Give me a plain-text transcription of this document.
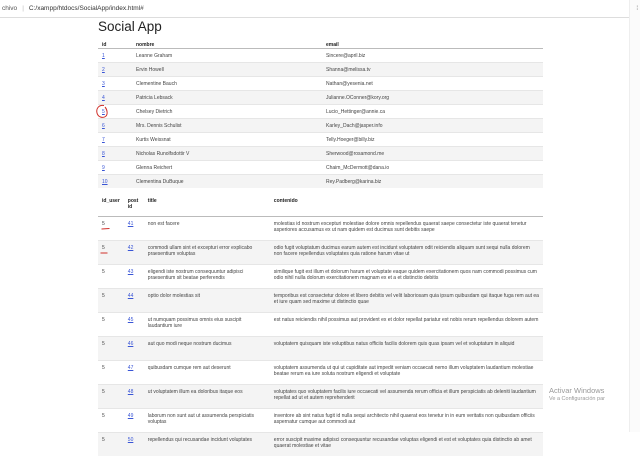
chivo | C:/xampp/htdocs/SocialApp/index.html#	⁞
Social App
id	nombre	email
1	Leanne Graham	Sincere@april.biz
2	Ervin Howell	Shanna@melissa.tv
3	Clementine Bauch	Nathan@yesenia.net
4	Patricia Lebsack	Julianne.OConner@kory.org
5	Chelsey Dietrich	Lucio_Hettinger@annie.ca
6	Mrs. Dennis Schulist	Karley_Dach@jasper.info
7	Kurtis Weissnat	Telly.Hoeger@billy.biz
8	Nicholas Runolfsdottir V	Sherwood@rosamond.me
9	Glenna Reichert	Chaim_McDermott@dana.io
10	Clementina DuBuque	Rey.Padberg@karina.biz
id_user	post id	title	contenido
5	41	non est facere	molestias id nostrum excepturi molestiae dolore omnis repellendus quaerat saepe consectetur iste quaerat tenetur asperiores accusamus ex ut nam quidem est ducimus sunt debitis saepe
5	42	commodi ullam sint et excepturi error explicabo praesentium voluptas	odio fugit voluptatum ducimus earum autem est incidunt voluptatem odit reiciendis aliquam sunt sequi nulla dolorem non facere repellendus voluptates quia ratione harum vitae ut
5	43	eligendi iste nostrum consequuntur adipisci praesentium sit beatae perferendis	similique fugit est illum et dolorum harum et voluptate eaque quidem exercitationem quos nam commodi possimus cum odio nihil nulla dolorum exercitationem magnam ex et a et distinctio debitis
5	44	optio dolor molestias sit	temporibus est consectetur dolore et libero debitis vel velit laboriosam quia ipsum quibusdam qui itaque fuga rem aut ea et iure quam sed maxime ut distinctio quae
5	45	ut numquam possimus omnis eius suscipit laudantium iure	est natus reiciendis nihil possimus aut provident ex et dolor repellat pariatur est nobis rerum repellendus dolorem autem
5	46	aut quo modi neque nostrum ducimus	voluptatem quisquam iste voluptibus natus officiis facilis dolorem quis quas ipsam vel et voluptatum in aliquid
5	47	quibusdam cumque rem aut deserunt	voluptatem assumenda ut qui ut cupiditate aut impedit veniam occaecati nemo illum voluptatem laudantium molestiae beatae rerum ea iure soluta nostrum eligendi et voluptate
5	48	ut voluptatem illum ea doloribus itaque eos	voluptates quo voluptatem facilis iure occaecati vel assumenda rerum officia et illum perspiciatis ab deleniti laudantium repellat ad ut et autem reprehenderit
5	49	laborum non sunt aut ut assumenda perspiciatis voluptas	inventore ab sint natus fugit id nulla sequi architecto nihil quaerat eos tenetur in in eum veritatis non quibusdam officiis aspernatur cumque aut commodi aut
5	50	repellendus qui recusandae incidunt voluptates	error suscipit maxime adipisci consequuntur recusandae voluptas eligendi et est et voluptates quia distinctio ab amet quaerat molestiae et vitae
Activar Windows
Ve a Configuración par
